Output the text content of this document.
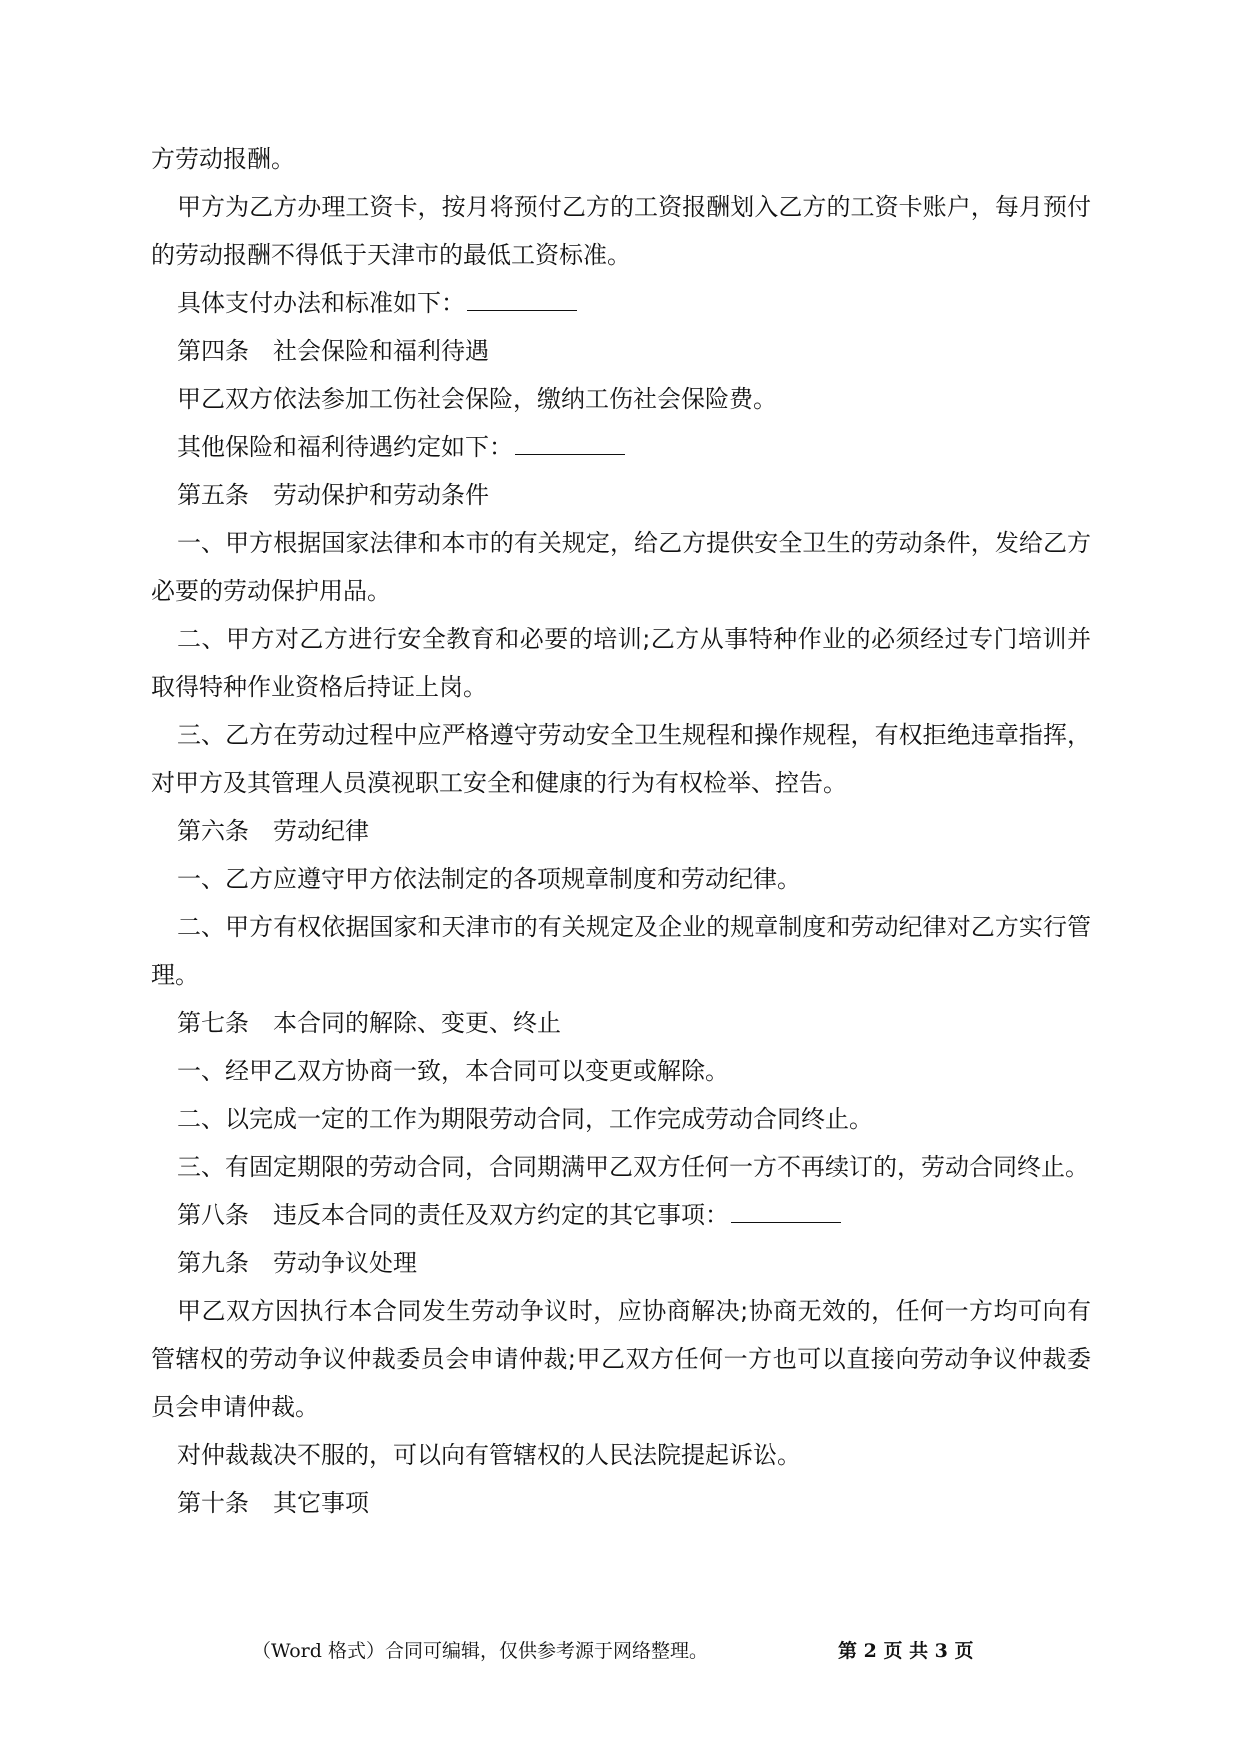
方劳动报酬。

甲方为乙方办理工资卡，按月将预付乙方的工资报酬划入乙方的工资卡账户，每月预付的劳动报酬不得低于天津市的最低工资标准。

具体支付办法和标准如下：

第四条　社会保险和福利待遇

甲乙双方依法参加工伤社会保险，缴纳工伤社会保险费。

其他保险和福利待遇约定如下：

第五条　劳动保护和劳动条件

一、甲方根据国家法律和本市的有关规定，给乙方提供安全卫生的劳动条件，发给乙方必要的劳动保护用品。

二、甲方对乙方进行安全教育和必要的培训;乙方从事特种作业的必须经过专门培训并取得特种作业资格后持证上岗。

三、乙方在劳动过程中应严格遵守劳动安全卫生规程和操作规程，有权拒绝违章指挥，对甲方及其管理人员漠视职工安全和健康的行为有权检举、控告。

第六条　劳动纪律

一、乙方应遵守甲方依法制定的各项规章制度和劳动纪律。

二、甲方有权依据国家和天津市的有关规定及企业的规章制度和劳动纪律对乙方实行管理。

第七条　本合同的解除、变更、终止

一、经甲乙双方协商一致，本合同可以变更或解除。

二、以完成一定的工作为期限劳动合同，工作完成劳动合同终止。

三、有固定期限的劳动合同，合同期满甲乙双方任何一方不再续订的，劳动合同终止。

第八条　违反本合同的责任及双方约定的其它事项：

第九条　劳动争议处理

甲乙双方因执行本合同发生劳动争议时，应协商解决;协商无效的，任何一方均可向有管辖权的劳动争议仲裁委员会申请仲裁;甲乙双方任何一方也可以直接向劳动争议仲裁委员会申请仲裁。

对仲裁裁决不服的，可以向有管辖权的人民法院提起诉讼。

第十条　其它事项

（Word 格式）合同可编辑，仅供参考源于网络整理。	第 2 页 共 3 页
